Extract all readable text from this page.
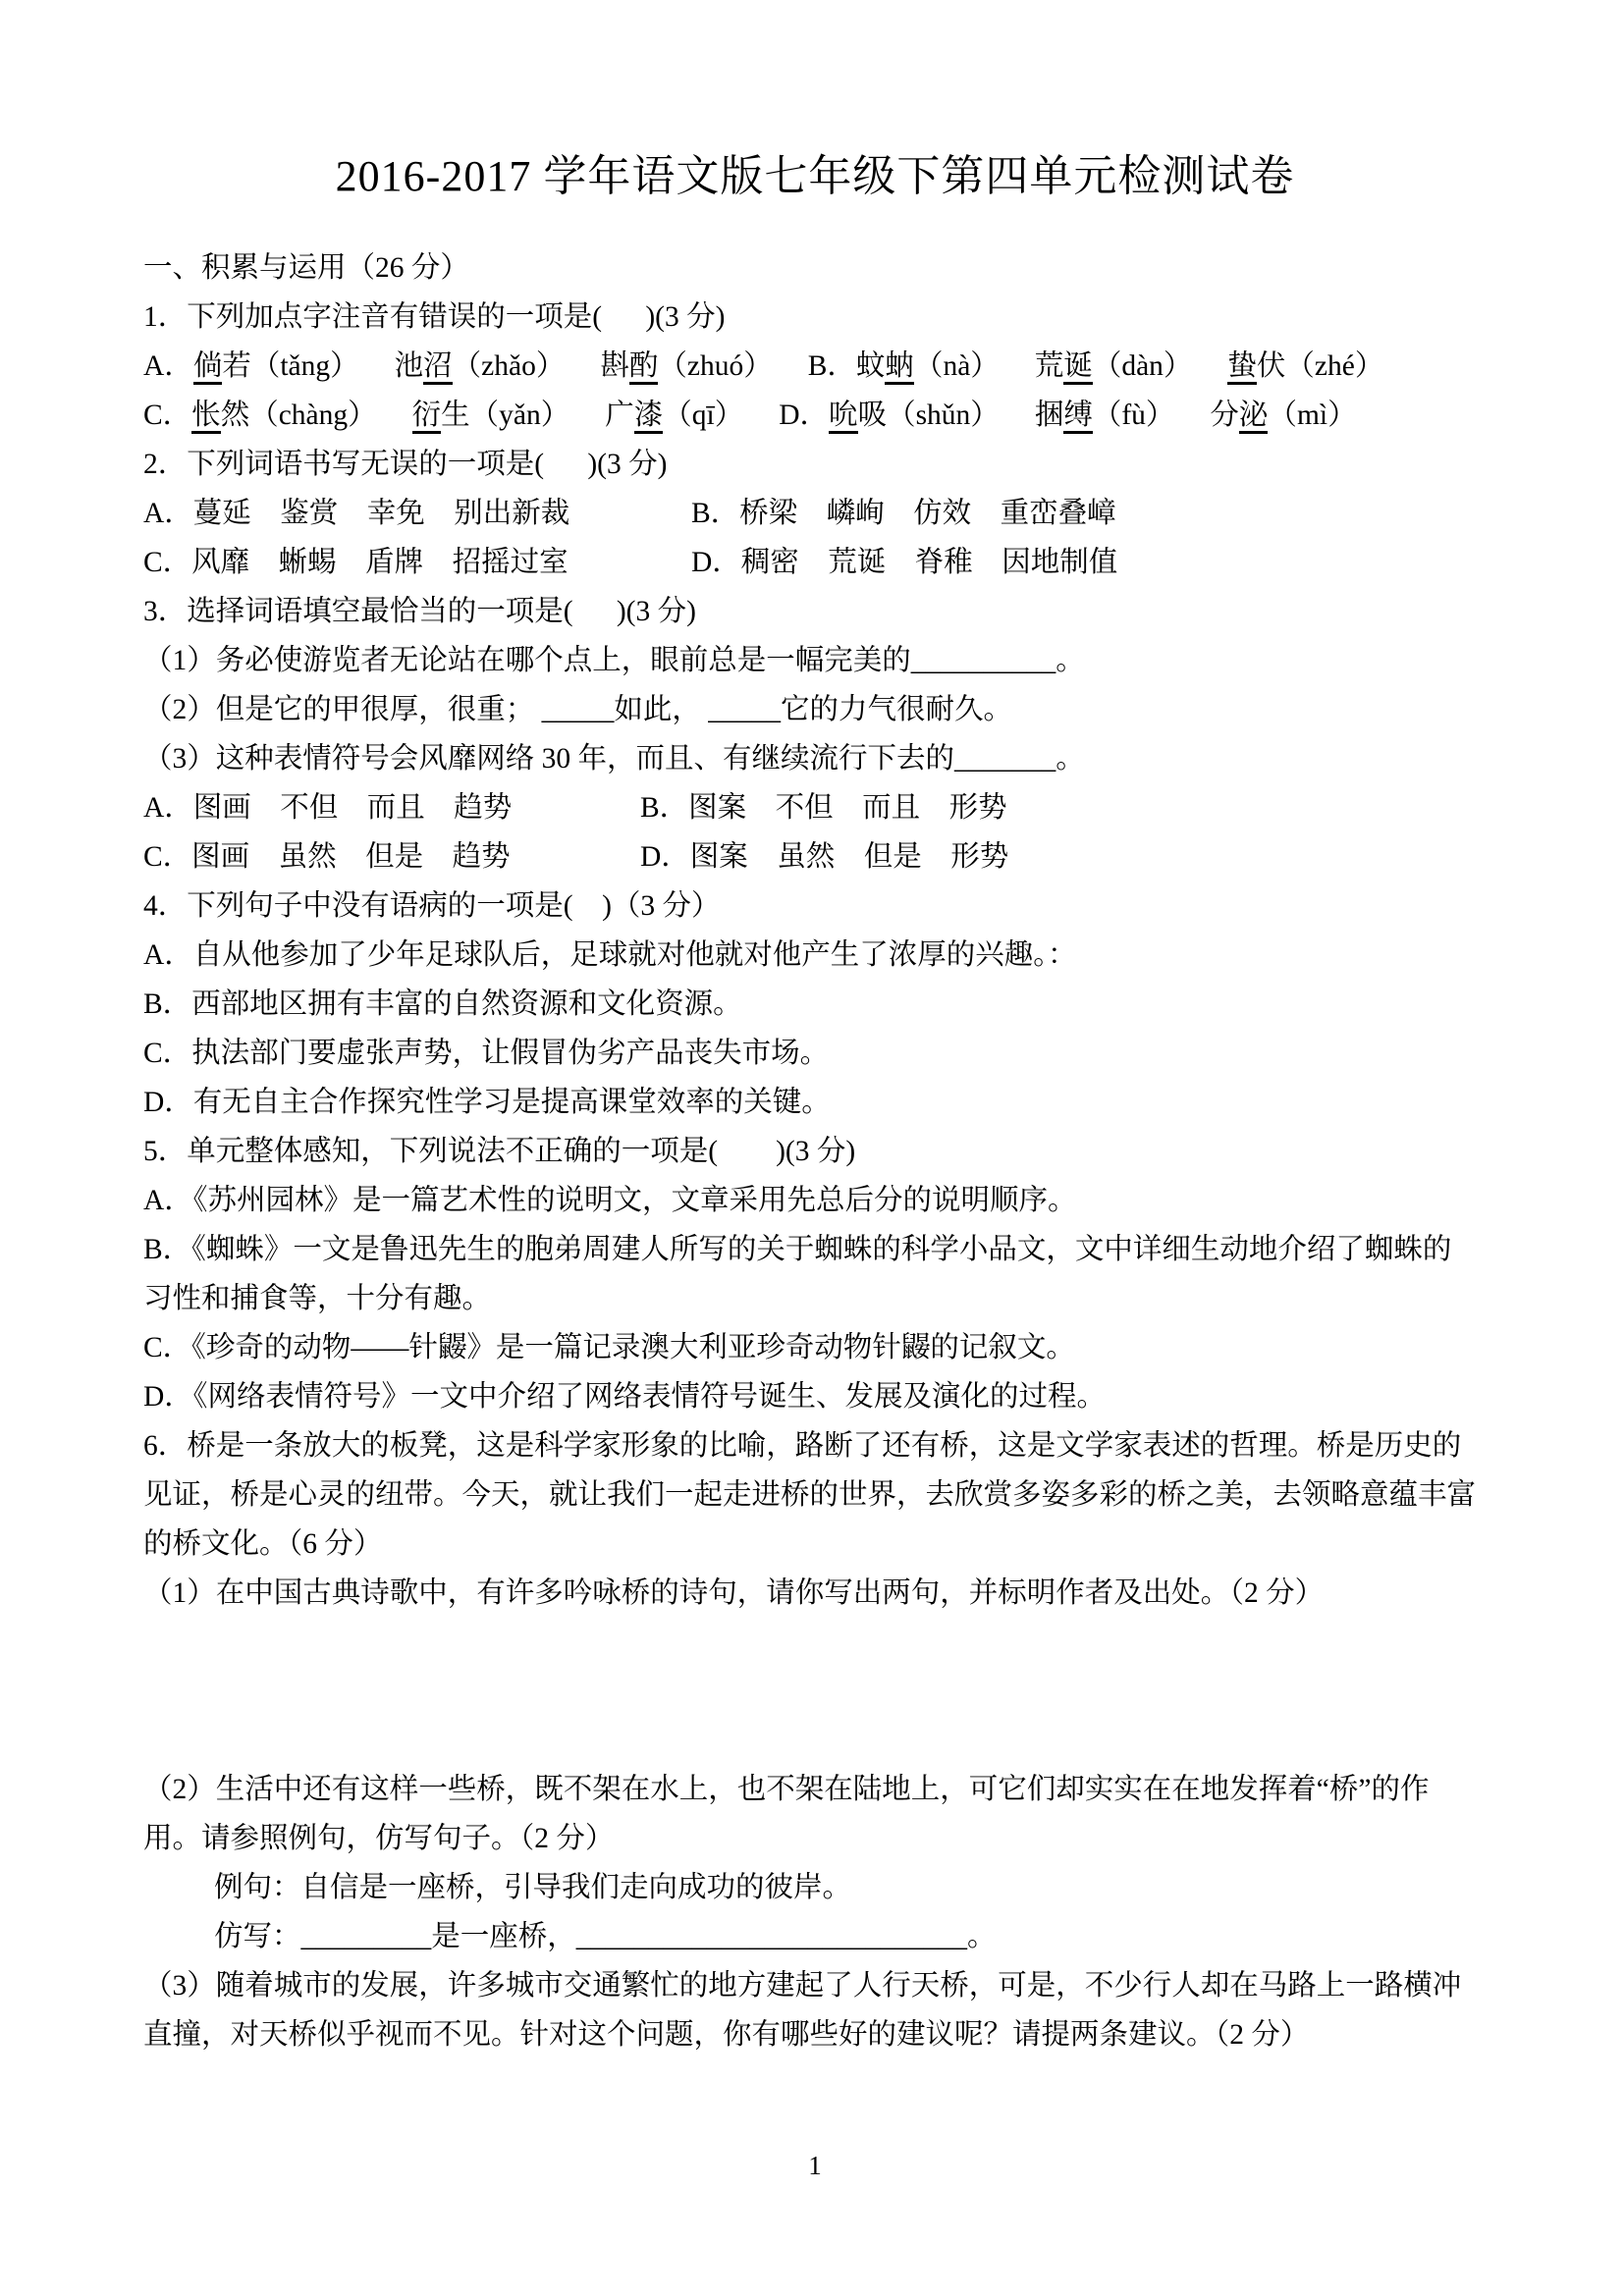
2016-2017 学年语文版七年级下第四单元检测试卷
一、积累与运用（26 分）
1．下列加点字注音有错误的一项是(      )(3 分)
A．倘若（tǎng） 池沼（zhǎo） 斟酌（zhuó） B．蚊蚋（nà） 荒诞（dàn） 蛰伏（zhé）
C．怅然（chàng） 衍生（yǎn） 广漆（qī） D．吮吸（shǔn） 捆缚（fù） 分泌（mì）
2．下列词语书写无误的一项是(      )(3 分)
A．蔓延　鉴赏　幸免　别出新裁	B．桥梁　嶙峋　仿效　重峦叠嶂
C．风靡　蜥蜴　盾牌　招摇过室	D．稠密　荒诞　脊稚　因地制值
3．选择词语填空最恰当的一项是(      )(3 分)
（1）务必使游览者无论站在哪个点上，眼前总是一幅完美的__________。
（2）但是它的甲很厚，很重； _____如此， _____它的力气很耐久。
（3）这种表情符号会风靡网络 30 年，而且、有继续流行下去的_______。
A．图画　不但　而且　趋势	B．图案　不但　而且　形势
C．图画　虽然　但是　趋势	D．图案　虽然　但是　形势
4．下列句子中没有语病的一项是(    )（3 分）
A．自从他参加了少年足球队后，足球就对他就对他产生了浓厚的兴趣。：
B．西部地区拥有丰富的自然资源和文化资源。
C．执法部门要虚张声势，让假冒伪劣产品丧失市场。
D．有无自主合作探究性学习是提高课堂效率的关键。
5．单元整体感知，下列说法不正确的一项是(        )(3 分)
A．《苏州园林》是一篇艺术性的说明文，文章采用先总后分的说明顺序。
B．《蜘蛛》一文是鲁迅先生的胞弟周建人所写的关于蜘蛛的科学小品文，文中详细生动地介绍了蜘蛛的
习性和捕食等，十分有趣。
C．《珍奇的动物——针鼹》是一篇记录澳大利亚珍奇动物针鼹的记叙文。
D．《网络表情符号》一文中介绍了网络表情符号诞生、发展及演化的过程。
6．桥是一条放大的板凳，这是科学家形象的比喻，路断了还有桥，这是文学家表述的哲理。桥是历史的
见证，桥是心灵的纽带。今天，就让我们一起走进桥的世界，去欣赏多姿多彩的桥之美，去领略意蕴丰富
的桥文化。（6 分）
（1）在中国古典诗歌中，有许多吟咏桥的诗句，请你写出两句，并标明作者及出处。（2 分）
（2）生活中还有这样一些桥，既不架在水上，也不架在陆地上，可它们却实实在在地发挥着“桥”的作
用。请参照例句，仿写句子。（2 分）
例句：自信是一座桥，引导我们走向成功的彼岸。
仿写：_________是一座桥，___________________________。
（3）随着城市的发展，许多城市交通繁忙的地方建起了人行天桥，可是，不少行人却在马路上一路横冲
直撞，对天桥似乎视而不见。针对这个问题，你有哪些好的建议呢？请提两条建议。（2 分）
1
